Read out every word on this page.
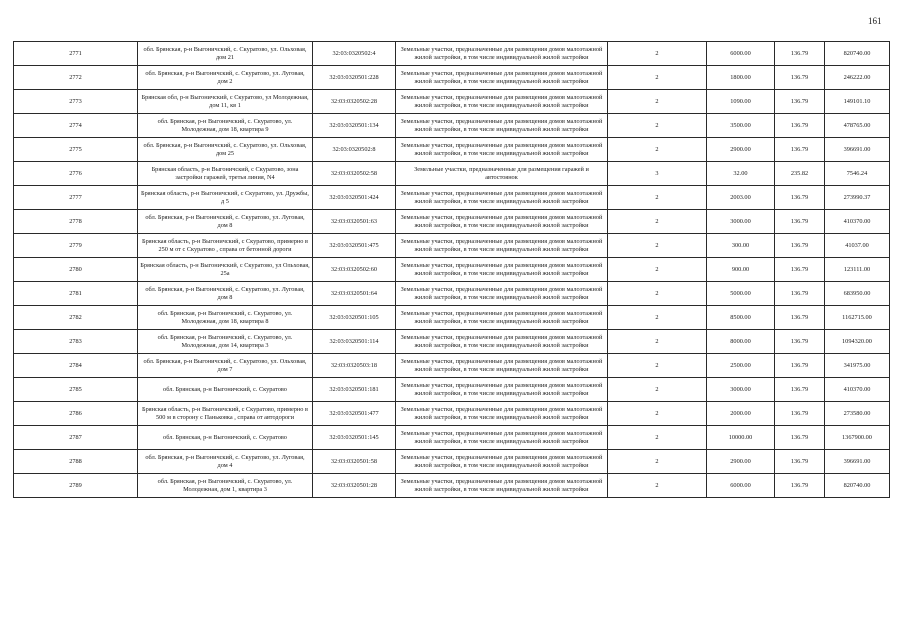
161
2771	обл. Брянская, р-н Выгоничский, с. Скуратово, ул. Ольховая, дом 21	32:03:0320502:4	Земельные участки, предназначенные для размещения домов малоэтажной жилой застройки, в том числе индивидуальной жилой застройки	2	6000.00	136.79	820740.00
2772	обл. Брянская, р-н Выгоничский, с. Скуратово, ул. Луговая, дом 2	32:03:0320501:228	Земельные участки, предназначенные для размещения домов малоэтажной жилой застройки, в том числе индивидуальной жилой застройки	2	1800.00	136.79	246222.00
2773	Брянская обл, р-н Выгоничский, с Скуратово, ул Молодежная, дом 11, кв 1	32:03:0320502:28	Земельные участки, предназначенные для размещения домов малоэтажной жилой застройки, в том числе индивидуальной жилой застройки	2	1090.00	136.79	149101.10
2774	обл. Брянская, р-н Выгоничский, с. Скуратово, ул. Молодежная, дом 18, квартира 9	32:03:0320501:134	Земельные участки, предназначенные для размещения домов малоэтажной жилой застройки, в том числе индивидуальной жилой застройки	2	3500.00	136.79	478765.00
2775	обл. Брянская, р-н Выгоничский, с. Скуратово, ул. Ольховая, дом 25	32:03:0320502:8	Земельные участки, предназначенные для размещения домов малоэтажной жилой застройки, в том числе индивидуальной жилой застройки	2	2900.00	136.79	396691.00
2776	Брянская область, р-н Выгоничский, с Скуратово, зона застройки гаражей, третья линия, N4	32:03:0320502:58	Земельные участки, предназначенные для размещения гаражей и автостоянок	3	32.00	235.82	7546.24
2777	Брянская область, р-н Выгоничский, с Скуратово, ул. Дружбы, д 5	32:03:0320501:424	Земельные участки, предназначенные для размещения домов малоэтажной жилой застройки, в том числе индивидуальной жилой застройки	2	2003.00	136.79	273990.37
2778	обл. Брянская, р-н Выгоничский, с. Скуратово, ул. Луговая, дом 8	32:03:0320501:63	Земельные участки, предназначенные для размещения домов малоэтажной жилой застройки, в том числе индивидуальной жилой застройки	2	3000.00	136.79	410370.00
2779	Брянская область, р-н Выгоничский, с Скуратово, примерно в 250 м от с Скуратово , справа от бетонной дороги	32:03:0320501:475	Земельные участки, предназначенные для размещения домов малоэтажной жилой застройки, в том числе индивидуальной жилой застройки	2	300.00	136.79	41037.00
2780	Брянская область, р-н Выгоничский, с Скуратово, ул Ольховая, 25а	32:03:0320502:60	Земельные участки, предназначенные для размещения домов малоэтажной жилой застройки, в том числе индивидуальной жилой застройки	2	900.00	136.79	123111.00
2781	обл. Брянская, р-н Выгоничский, с. Скуратово, ул. Луговая, дом 8	32:03:0320501:64	Земельные участки, предназначенные для размещения домов малоэтажной жилой застройки, в том числе индивидуальной жилой застройки	2	5000.00	136.79	683950.00
2782	обл. Брянская, р-н Выгоничский, с. Скуратово, ул. Молодежная, дом 18, квартира 8	32:03:0320501:105	Земельные участки, предназначенные для размещения домов малоэтажной жилой застройки, в том числе индивидуальной жилой застройки	2	8500.00	136.79	1162715.00
2783	обл. Брянская, р-н Выгоничский, с. Скуратово, ул. Молодежная, дом 14, квартира 3	32:03:0320501:114	Земельные участки, предназначенные для размещения домов малоэтажной жилой застройки, в том числе индивидуальной жилой застройки	2	8000.00	136.79	1094320.00
2784	обл. Брянская, р-н Выгоничский, с. Скуратово, ул. Ольховая, дом 7	32:03:0320503:18	Земельные участки, предназначенные для размещения домов малоэтажной жилой застройки, в том числе индивидуальной жилой застройки	2	2500.00	136.79	341975.00
2785	обл. Брянская, р-н Выгоничский, с. Скуратово	32:03:0320501:181	Земельные участки, предназначенные для размещения домов малоэтажной жилой застройки, в том числе индивидуальной жилой застройки	2	3000.00	136.79	410370.00
2786	Брянская область, р-н Выгоничский, с Скуратово, примерно в 500 м в сторону с Паньковка , справа от автодороги	32:03:0320501:477	Земельные участки, предназначенные для размещения домов малоэтажной жилой застройки, в том числе индивидуальной жилой застройки	2	2000.00	136.79	273580.00
2787	обл. Брянская, р-н Выгоничский, с. Скуратово	32:03:0320501:145	Земельные участки, предназначенные для размещения домов малоэтажной жилой застройки, в том числе индивидуальной жилой застройки	2	10000.00	136.79	1367900.00
2788	обл. Брянская, р-н Выгоничский, с. Скуратово, ул. Луговая, дом 4	32:03:0320501:58	Земельные участки, предназначенные для размещения домов малоэтажной жилой застройки, в том числе индивидуальной жилой застройки	2	2900.00	136.79	396691.00
2789	обл. Брянская, р-н Выгоничский, с. Скуратово, ул. Молодежная, дом 1, квартира 3	32:03:0320501:28	Земельные участки, предназначенные для размещения домов малоэтажной жилой застройки, в том числе индивидуальной жилой застройки	2	6000.00	136.79	820740.00
